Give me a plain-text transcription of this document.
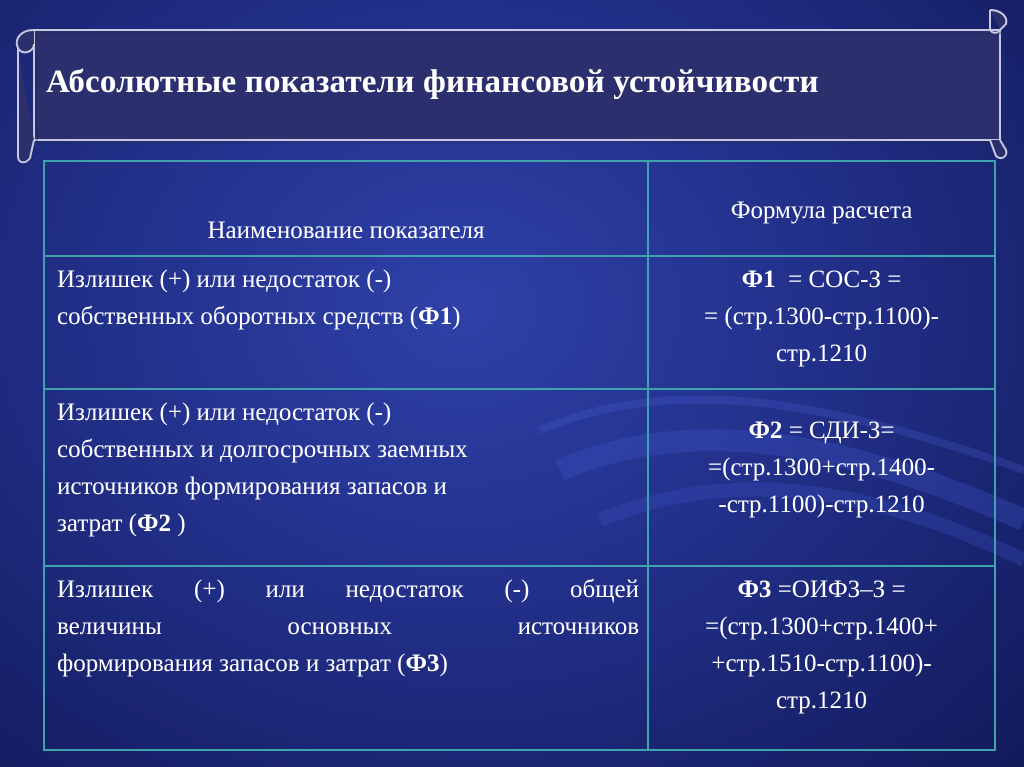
Абсолютные показатели финансовой устойчивости
Наименование показателя	Формула расчета

Излишек (+) или недостаток (-)
собственных оборотных средств (Ф1)	Ф1  = СОС-З =
= (стр.1300-стр.1100)-
стр.1210

Излишек (+) или недостаток (-)
собственных и долгосрочных заемных
источников формирования запасов и
затрат (Ф2 )	Ф2 = СДИ-З=
=(стр.1300+стр.1400-
-стр.1100)-стр.1210

Излишек (+) или недостаток (-) общей
величины основных источников
формирования запасов и затрат (Ф3)	Ф3 =ОИФЗ–З =
=(стр.1300+стр.1400+
+стр.1510-стр.1100)-
стр.1210
